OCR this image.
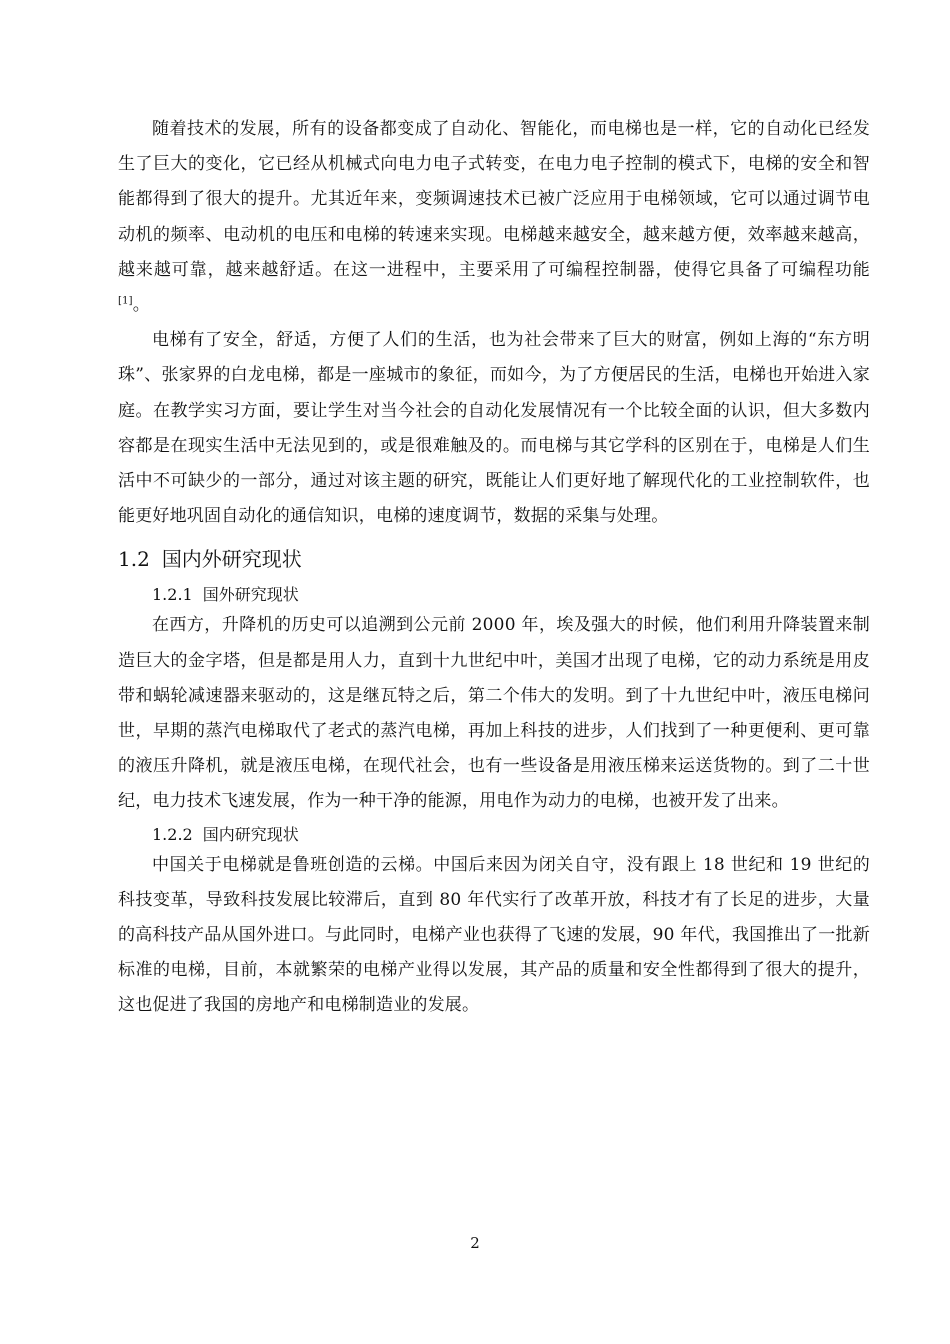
随着技术的发展，所有的设备都变成了自动化、智能化，而电梯也是一样，它的自动化已经发生了巨大的变化，它已经从机械式向电力电子式转变，在电力电子控制的模式下，电梯的安全和智能都得到了很大的提升。尤其近年来，变频调速技术已被广泛应用于电梯领域，它可以通过调节电动机的频率、电动机的电压和电梯的转速来实现。电梯越来越安全，越来越方便，效率越来越高，越来越可靠，越来越舒适。在这一进程中，主要采用了可编程控制器，使得它具备了可编程功能[1]。

电梯有了安全，舒适，方便了人们的生活，也为社会带来了巨大的财富，例如上海的“东方明珠”、张家界的白龙电梯，都是一座城市的象征，而如今，为了方便居民的生活，电梯也开始进入家庭。在教学实习方面，要让学生对当今社会的自动化发展情况有一个比较全面的认识，但大多数内容都是在现实生活中无法见到的，或是很难触及的。而电梯与其它学科的区别在于，电梯是人们生活中不可缺少的一部分，通过对该主题的研究，既能让人们更好地了解现代化的工业控制软件，也能更好地巩固自动化的通信知识，电梯的速度调节，数据的采集与处理。

1.2 国内外研究现状
1.2.1 国外研究现状

在西方，升降机的历史可以追溯到公元前 2000 年，埃及强大的时候，他们利用升降装置来制造巨大的金字塔，但是都是用人力，直到十九世纪中叶，美国才出现了电梯，它的动力系统是用皮带和蜗轮减速器来驱动的，这是继瓦特之后，第二个伟大的发明。到了十九世纪中叶，液压电梯问世，早期的蒸汽电梯取代了老式的蒸汽电梯，再加上科技的进步，人们找到了一种更便利、更可靠的液压升降机，就是液压电梯，在现代社会，也有一些设备是用液压梯来运送货物的。到了二十世纪，电力技术飞速发展，作为一种干净的能源，用电作为动力的电梯，也被开发了出来。

1.2.2 国内研究现状

中国关于电梯就是鲁班创造的云梯。中国后来因为闭关自守，没有跟上 18 世纪和 19 世纪的科技变革，导致科技发展比较滞后，直到 80 年代实行了改革开放，科技才有了长足的进步，大量的高科技产品从国外进口。与此同时，电梯产业也获得了飞速的发展，90 年代，我国推出了一批新标准的电梯，目前，本就繁荣的电梯产业得以发展，其产品的质量和安全性都得到了很大的提升，这也促进了我国的房地产和电梯制造业的发展。

2
